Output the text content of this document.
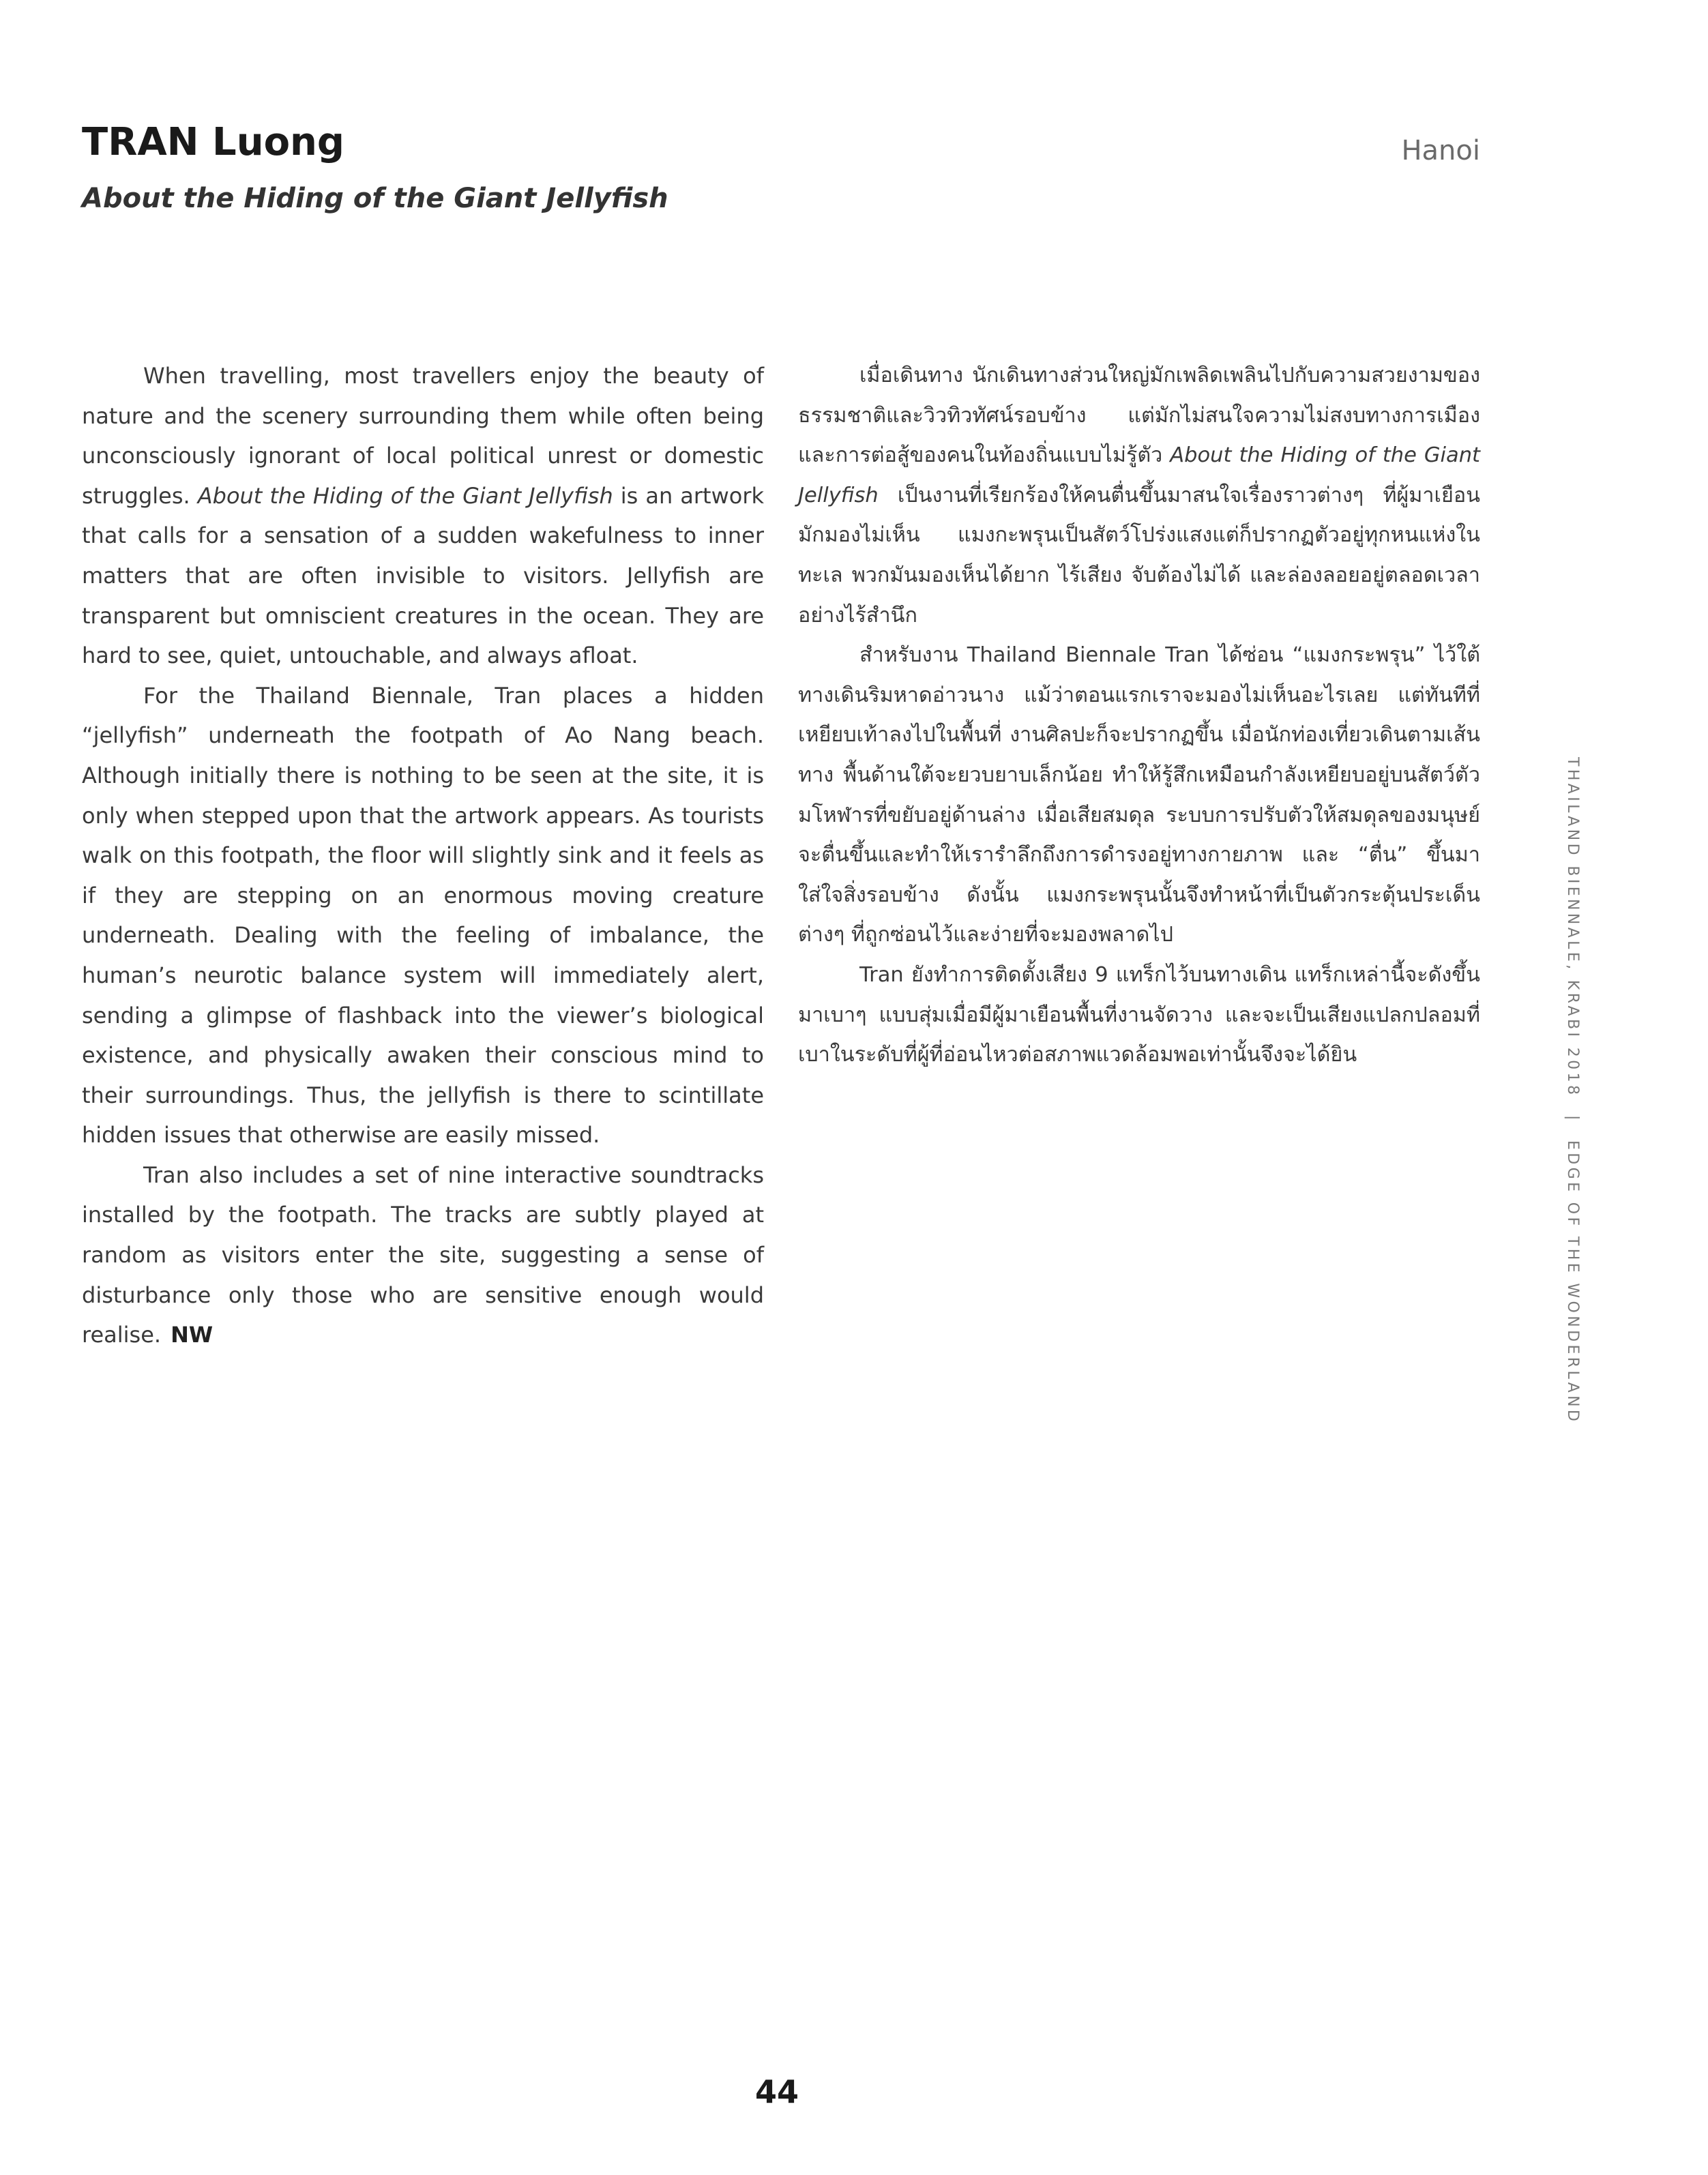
TRAN Luong
About the Hiding of the Giant Jellyfish
Hanoi

When travelling, most travellers enjoy the beauty of nature and the scenery surrounding them while often being unconsciously ignorant of local political unrest or domestic struggles. About the Hiding of the Giant Jellyfish is an artwork that calls for a sensation of a sudden wakefulness to inner matters that are often invisible to visitors. Jellyfish are transparent but omniscient creatures in the ocean. They are hard to see, quiet, untouchable, and always afloat.

For the Thailand Biennale, Tran places a hidden “jellyfish” underneath the footpath of Ao Nang beach. Although initially there is nothing to be seen at the site, it is only when stepped upon that the artwork appears. As tourists walk on this footpath, the floor will slightly sink and it feels as if they are stepping on an enormous moving creature underneath. Dealing with the feeling of imbalance, the human’s neurotic balance system will immediately alert, sending a glimpse of flashback into the viewer’s biological existence, and physically awaken their conscious mind to their surroundings. Thus, the jellyfish is there to scintillate hidden issues that otherwise are easily missed.

Tran also includes a set of nine interactive soundtracks installed by the footpath. The tracks are subtly played at random as visitors enter the site, suggesting a sense of disturbance only those who are sensitive enough would realise. NW

เมื่อเดินทาง นักเดินทางส่วนใหญ่มักเพลิดเพลินไปกับความสวยงามของธรรมชาติและวิวทิวทัศน์รอบข้าง แต่มักไม่สนใจความไม่สงบทางการเมืองและการต่อสู้ของคนในท้องถิ่นแบบไม่รู้ตัว About the Hiding of the Giant Jellyfish เป็นงานที่เรียกร้องให้คนตื่นขึ้นมาสนใจเรื่องราวต่างๆ ที่ผู้มาเยือนมักมองไม่เห็น แมงกะพรุนเป็นสัตว์โปร่งแสงแต่ก็ปรากฏตัวอยู่ทุกหนแห่งในทะเล พวกมันมองเห็นได้ยาก ไร้เสียง จับต้องไม่ได้ และล่องลอยอยู่ตลอดเวลาอย่างไร้สำนึก

สำหรับงาน Thailand Biennale Tran ได้ซ่อน “แมงกระพรุน” ไว้ใต้ทางเดินริมหาดอ่าวนาง แม้ว่าตอนแรกเราจะมองไม่เห็นอะไรเลย แต่ทันทีที่เหยียบเท้าลงไปในพื้นที่ งานศิลปะก็จะปรากฏขึ้น เมื่อนักท่องเที่ยวเดินตามเส้นทาง พื้นด้านใต้จะยวบยาบเล็กน้อย ทำให้รู้สึกเหมือนกำลังเหยียบอยู่บนสัตว์ตัวมโหฬารที่ขยับอยู่ด้านล่าง เมื่อเสียสมดุล ระบบการปรับตัวให้สมดุลของมนุษย์จะตื่นขึ้นและทำให้เรารำลึกถึงการดำรงอยู่ทางกายภาพ และ “ตื่น” ขึ้นมาใส่ใจสิ่งรอบข้าง ดังนั้น แมงกระพรุนนั้นจึงทำหน้าที่เป็นตัวกระตุ้นประเด็นต่างๆ ที่ถูกซ่อนไว้และง่ายที่จะมองพลาดไป

Tran ยังทำการติดตั้งเสียง 9 แทร็กไว้บนทางเดิน แทร็กเหล่านี้จะดังขึ้นมาเบาๆ แบบสุ่มเมื่อมีผู้มาเยือนพื้นที่งานจัดวาง และจะเป็นเสียงแปลกปลอมที่เบาในระดับที่ผู้ที่อ่อนไหวต่อสภาพแวดล้อมพอเท่านั้นจึงจะได้ยิน	THAILAND BIENNALE, KRABI 2018 | EDGE OF THE WONDERLAND
44
